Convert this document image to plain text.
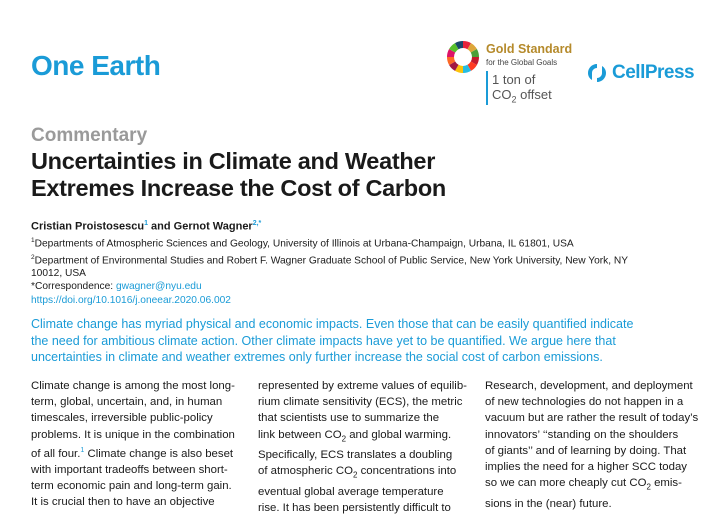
One Earth
Gold Standard
for the Global Goals
1 ton of
$CO_2$ offset
CellPress
Commentary
Uncertainties in Climate and Weather
Extremes Increase the Cost of Carbon
Cristian Proistosescu$^1$ and Gernot Wagner$^{2,*}$
$^1$Departments of Atmospheric Sciences and Geology, University of Illinois at Urbana-Champaign, Urbana, IL 61801, USA
$^2$Department of Environmental Studies and Robert F. Wagner Graduate School of Public Service, New York University, New York, NY
10012, USA
*Correspondence: gwagner@nyu.edu
https://doi.org/10.1016/j.oneear.2020.06.002
Climate change has myriad physical and economic impacts. Even those that can be easily quantified indicate
the need for ambitious climate action. Other climate impacts have yet to be quantified. We argue here that
uncertainties in climate and weather extremes only further increase the social cost of carbon emissions.
Climate change is among the most long-
term, global, uncertain, and, in human
timescales, irreversible public-policy
problems. It is unique in the combination
of all four.$^1$ Climate change is also beset
with important tradeoffs between short-
term economic pain and long-term gain.
It is crucial then to have an objective
represented by extreme values of equilib-
rium climate sensitivity (ECS), the metric
that scientists use to summarize the
link between $CO_2$ and global warming.
Specifically, ECS translates a doubling
of atmospheric $CO_2$ concentrations into
eventual global average temperature
rise. It has been persistently difficult to
Research, development, and deployment
of new technologies do not happen in a
vacuum but are rather the result of today’s
innovators’ ‘‘standing on the shoulders
of giants’’ and of learning by doing. That
implies the need for a higher SCC today
so we can more cheaply cut $CO_2$ emis-
sions in the (near) future.
